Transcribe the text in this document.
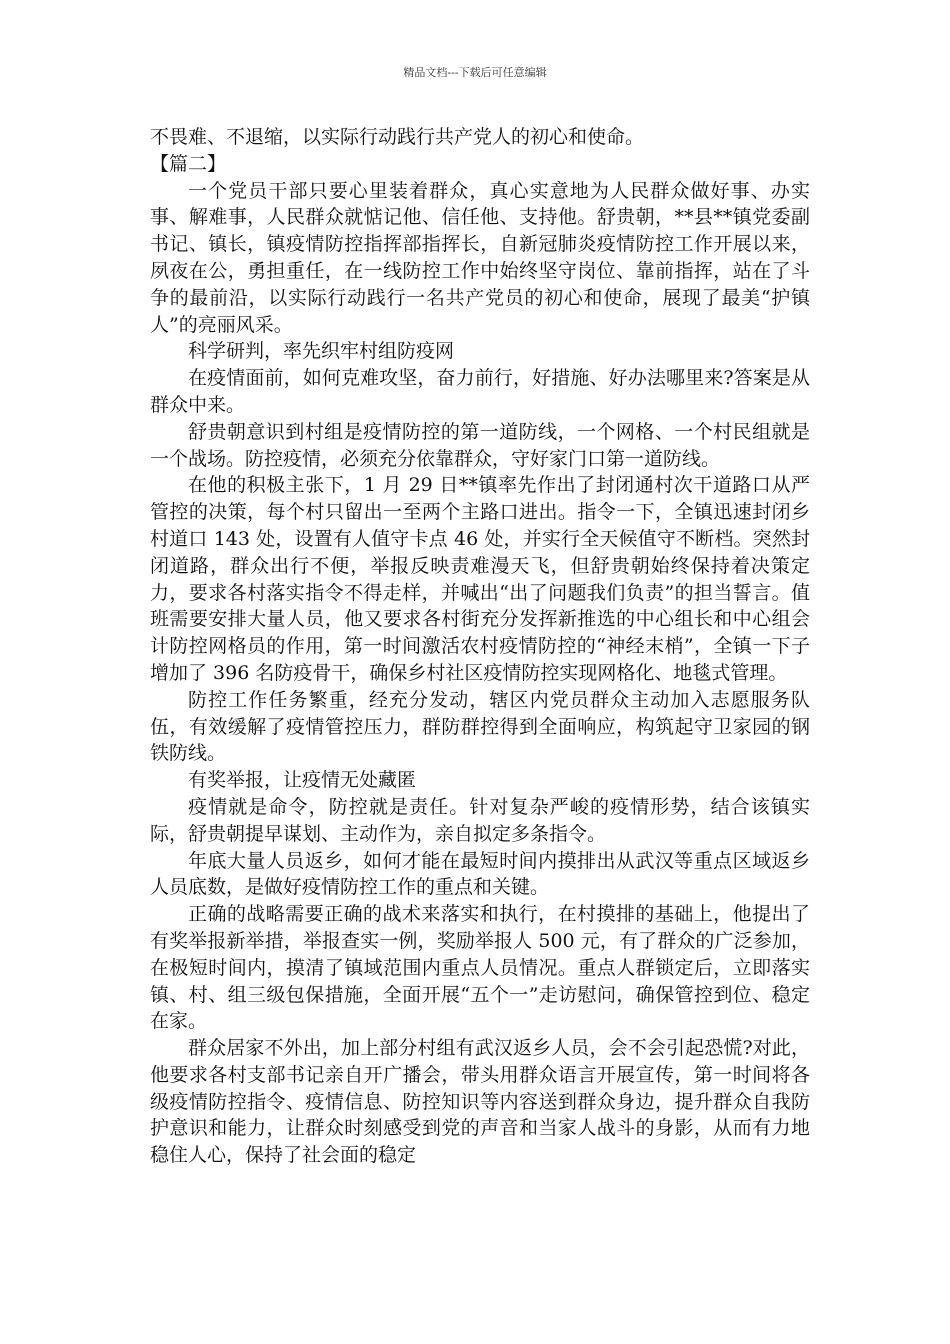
精品文档---下载后可任意编辑

不畏难、不退缩，以实际行动践行共产党人的初心和使命。

【篇二】

一个党员干部只要心里装着群众，真心实意地为人民群众做好事、办实事、解难事，人民群众就惦记他、信任他、支持他。舒贵朝，**县**镇党委副书记、镇长，镇疫情防控指挥部指挥长，自新冠肺炎疫情防控工作开展以来，夙夜在公，勇担重任，在一线防控工作中始终坚守岗位、靠前指挥，站在了斗争的最前沿，以实际行动践行一名共产党员的初心和使命，展现了最美“护镇人”的亮丽风采。

科学研判，率先织牢村组防疫网

在疫情面前，如何克难攻坚，奋力前行，好措施、好办法哪里来?答案是从群众中来。

舒贵朝意识到村组是疫情防控的第一道防线，一个网格、一个村民组就是一个战场。防控疫情，必须充分依靠群众，守好家门口第一道防线。

在他的积极主张下，1 月 29 日**镇率先作出了封闭通村次干道路口从严管控的决策，每个村只留出一至两个主路口进出。指令一下，全镇迅速封闭乡村道口 143 处，设置有人值守卡点 46 处，并实行全天候值守不断档。突然封闭道路，群众出行不便，举报反映责难漫天飞，但舒贵朝始终保持着决策定力，要求各村落实指令不得走样，并喊出“出了问题我们负责”的担当誓言。值班需要安排大量人员，他又要求各村街充分发挥新推选的中心组长和中心组会计防控网格员的作用，第一时间激活农村疫情防控的“神经末梢”，全镇一下子增加了 396 名防疫骨干，确保乡村社区疫情防控实现网格化、地毯式管理。

防控工作任务繁重，经充分发动，辖区内党员群众主动加入志愿服务队伍，有效缓解了疫情管控压力，群防群控得到全面响应，构筑起守卫家园的钢铁防线。

有奖举报，让疫情无处藏匿

疫情就是命令，防控就是责任。针对复杂严峻的疫情形势，结合该镇实际，舒贵朝提早谋划、主动作为，亲自拟定多条指令。

年底大量人员返乡，如何才能在最短时间内摸排出从武汉等重点区域返乡人员底数，是做好疫情防控工作的重点和关键。

正确的战略需要正确的战术来落实和执行，在村摸排的基础上，他提出了有奖举报新举措，举报查实一例，奖励举报人 500 元，有了群众的广泛参加，在极短时间内，摸清了镇域范围内重点人员情况。重点人群锁定后，立即落实镇、村、组三级包保措施，全面开展“五个一”走访慰问，确保管控到位、稳定在家。

群众居家不外出，加上部分村组有武汉返乡人员，会不会引起恐慌?对此，他要求各村支部书记亲自开广播会，带头用群众语言开展宣传，第一时间将各级疫情防控指令、疫情信息、防控知识等内容送到群众身边，提升群众自我防护意识和能力，让群众时刻感受到党的声音和当家人战斗的身影，从而有力地稳住人心，保持了社会面的稳定
